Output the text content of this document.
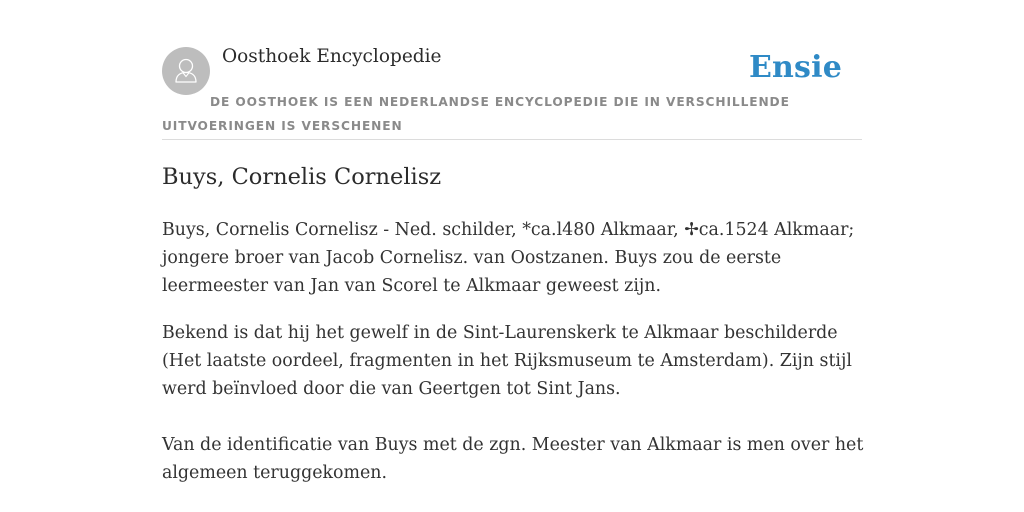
Oosthoek Encyclopedie	Ensie
DE OOSTHOEK IS EEN NEDERLANDSE ENCYCLOPEDIE DIE IN VERSCHILLENDE UITVOERINGEN IS VERSCHENEN
Buys, Cornelis Cornelisz

Buys, Cornelis Cornelisz - Ned. schilder, *ca.l480 Alkmaar, ✢ca.1524 Alkmaar; jongere broer van Jacob Cornelisz. van Oostzanen. Buys zou de eerste leermeester van Jan van Scorel te Alkmaar geweest zijn.

Bekend is dat hij het gewelf in de Sint-Laurenskerk te Alkmaar beschilderde (Het laatste oordeel, fragmenten in het Rijksmuseum te Amsterdam). Zijn stijl werd beïnvloed door die van Geertgen tot Sint Jans.

Van de identificatie van Buys met de zgn. Meester van Alkmaar is men over het algemeen teruggekomen.
